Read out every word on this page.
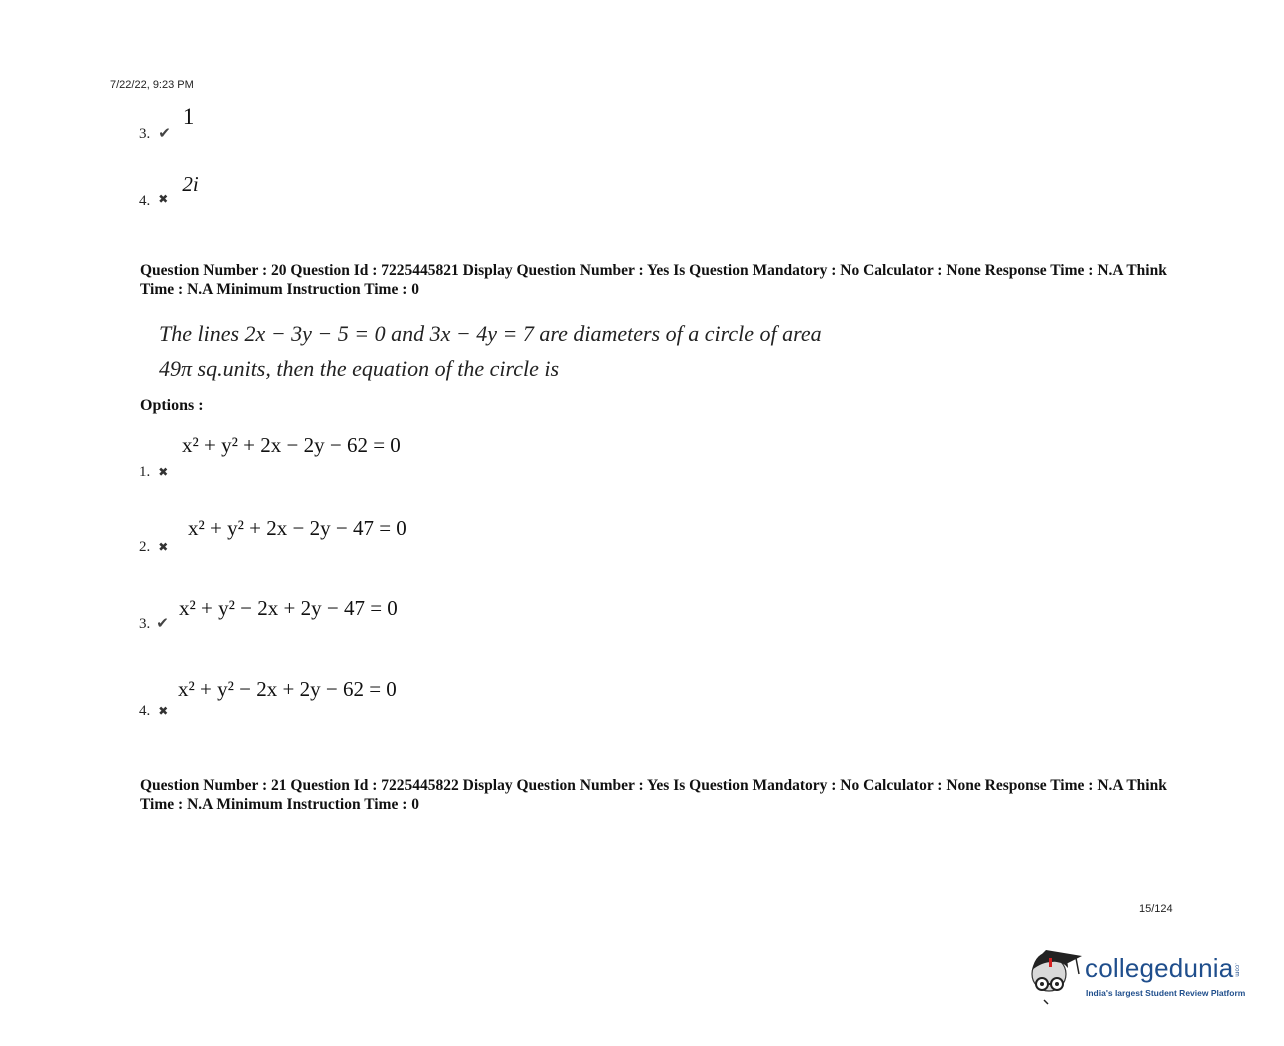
7/22/22, 9:23 PM
3. ✔ 1
4. ✖ 2i
Question Number : 20 Question Id : 7225445821 Display Question Number : Yes Is Question Mandatory : No Calculator : None Response Time : N.A Think Time : N.A Minimum Instruction Time : 0
The lines 2x − 3y − 5 = 0 and 3x − 4y = 7 are diameters of a circle of area
49π sq.units, then the equation of the circle is
Options :
x² + y² + 2x − 2y − 62 = 0
1. ✖
x² + y² + 2x − 2y − 47 = 0
2. ✖
x² + y² − 2x + 2y − 47 = 0
3. ✔
x² + y² − 2x + 2y − 62 = 0
4. ✖
Question Number : 21 Question Id : 7225445822 Display Question Number : Yes Is Question Mandatory : No Calculator : None Response Time : N.A Think Time : N.A Minimum Instruction Time : 0
15/124
collegedunia.com
India's largest Student Review Platform
